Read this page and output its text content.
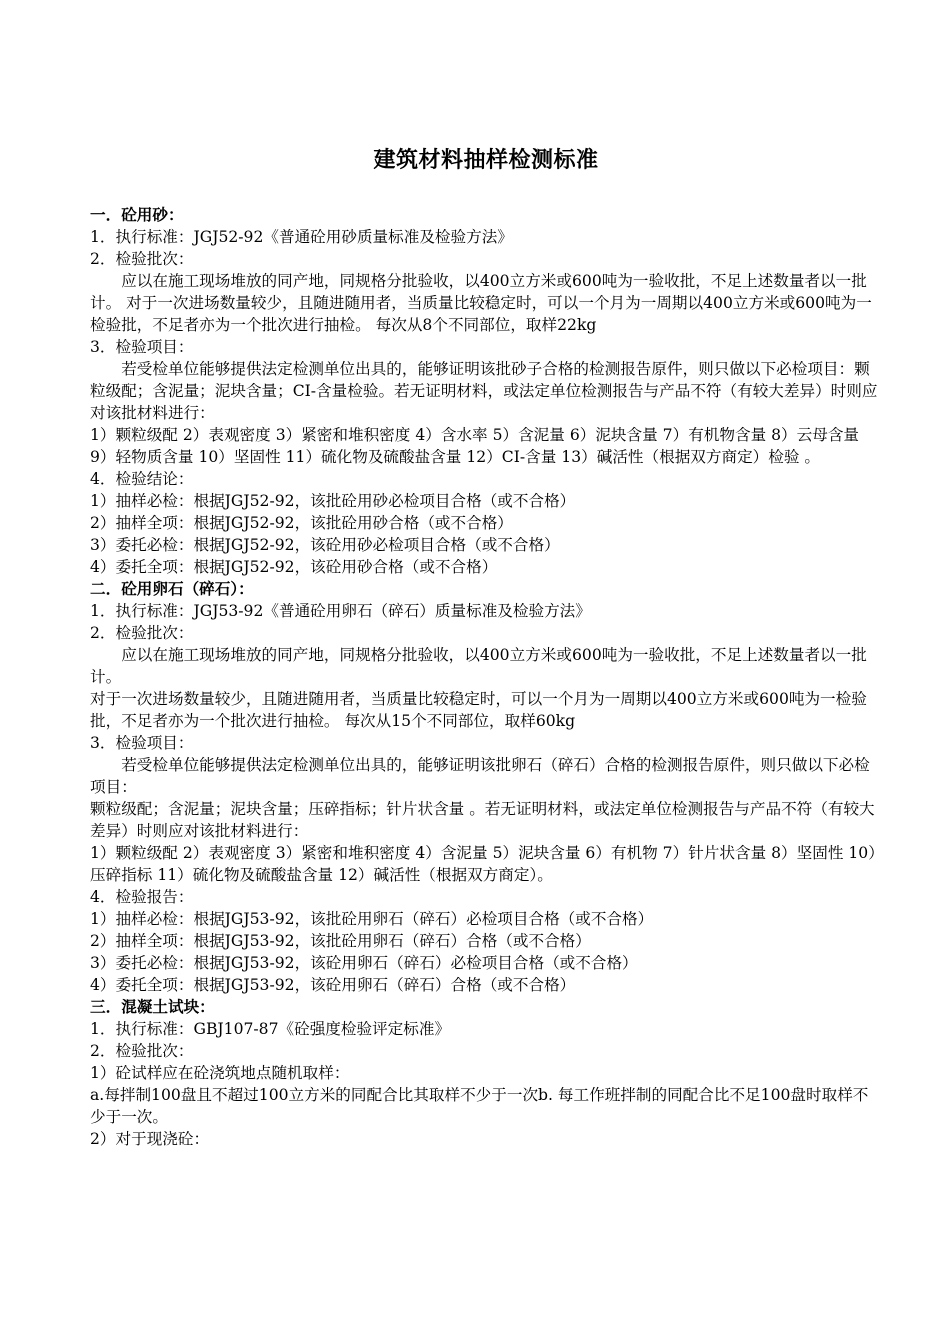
建筑材料抽样检测标准

一．砼用砂：

1．执行标准：JGJ52-92《普通砼用砂质量标准及检验方法》

2．检验批次：

应以在施工现场堆放的同产地，同规格分批验收，以400立方米或600吨为一验收批，不足上述数量者以一批计。 对于一次进场数量较少，且随进随用者，当质量比较稳定时，可以一个月为一周期以400立方米或600吨为一检验批，不足者亦为一个批次进行抽检。 每次从8个不同部位，取样22kg

3．检验项目：

若受检单位能够提供法定检测单位出具的，能够证明该批砂子合格的检测报告原件，则只做以下必检项目：颗粒级配；含泥量；泥块含量；CI-含量检验。若无证明材料，或法定单位检测报告与产品不符（有较大差异）时则应对该批材料进行：

1）颗粒级配 2）表观密度 3）紧密和堆积密度 4）含水率 5）含泥量 6）泥块含量 7）有机物含量 8）云母含量 9）轻物质含量 10）坚固性 11）硫化物及硫酸盐含量 12）CI-含量 13）碱活性（根据双方商定）检验 。

4．检验结论：

1）抽样必检：根据JGJ52-92，该批砼用砂必检项目合格（或不合格）

2）抽样全项：根据JGJ52-92，该批砼用砂合格（或不合格）

3）委托必检：根据JGJ52-92，该砼用砂必检项目合格（或不合格）

4）委托全项：根据JGJ52-92，该砼用砂合格（或不合格）

二．砼用卵石（碎石）：

1．执行标准：JGJ53-92《普通砼用卵石（碎石）质量标准及检验方法》

2．检验批次：

应以在施工现场堆放的同产地，同规格分批验收，以400立方米或600吨为一验收批，不足上述数量者以一批计。

对于一次进场数量较少，且随进随用者，当质量比较稳定时，可以一个月为一周期以400立方米或600吨为一检验批，不足者亦为一个批次进行抽检。 每次从15个不同部位，取样60kg

3．检验项目：

若受检单位能够提供法定检测单位出具的，能够证明该批卵石（碎石）合格的检测报告原件，则只做以下必检项目：

颗粒级配；含泥量；泥块含量；压碎指标；针片状含量 。若无证明材料，或法定单位检测报告与产品不符（有较大差异）时则应对该批材料进行：

1）颗粒级配 2）表观密度 3）紧密和堆积密度 4）含泥量 5）泥块含量 6）有机物 7）针片状含量 8）坚固性 10）压碎指标 11）硫化物及硫酸盐含量 12）碱活性（根据双方商定）。

4．检验报告：

1）抽样必检：根据JGJ53-92，该批砼用卵石（碎石）必检项目合格（或不合格）

2）抽样全项：根据JGJ53-92，该批砼用卵石（碎石）合格（或不合格）

3）委托必检：根据JGJ53-92，该砼用卵石（碎石）必检项目合格（或不合格）

4）委托全项：根据JGJ53-92，该砼用卵石（碎石）合格（或不合格）

三．混凝土试块：

1．执行标准：GBJ107-87《砼强度检验评定标准》

2．检验批次：

1）砼试样应在砼浇筑地点随机取样：

a.每拌制100盘且不超过100立方米的同配合比其取样不少于一次b. 每工作班拌制的同配合比不足100盘时取样不少于一次。

2）对于现浇砼：
